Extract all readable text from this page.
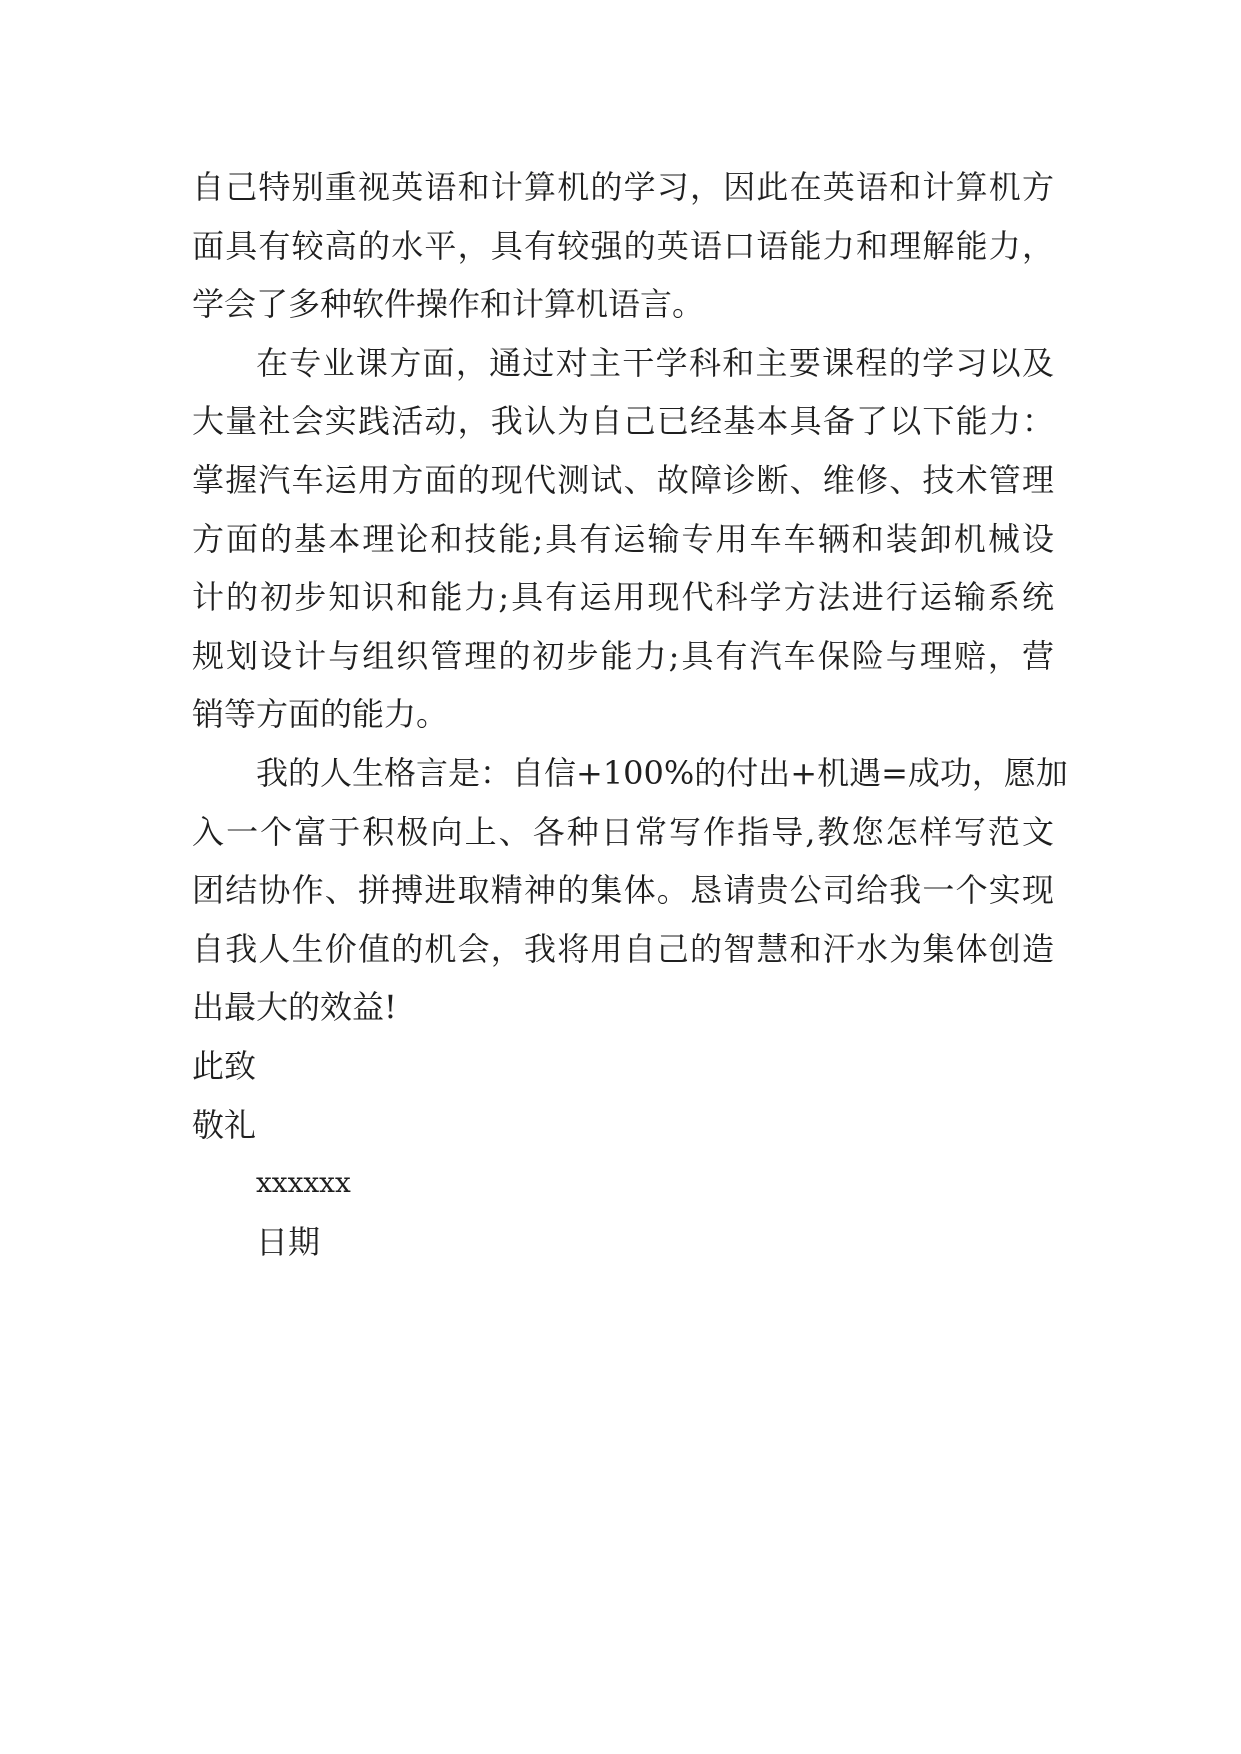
自己特别重视英语和计算机的学习，因此在英语和计算机方
面具有较高的水平，具有较强的英语口语能力和理解能力，
学会了多种软件操作和计算机语言。
在专业课方面，通过对主干学科和主要课程的学习以及
大量社会实践活动，我认为自己已经基本具备了以下能力：
掌握汽车运用方面的现代测试、故障诊断、维修、技术管理
方面的基本理论和技能;具有运输专用车车辆和装卸机械设
计的初步知识和能力;具有运用现代科学方法进行运输系统
规划设计与组织管理的初步能力;具有汽车保险与理赔，营
销等方面的能力。
我的人生格言是：自信+100%的付出+机遇=成功，愿加
入一个富于积极向上、各种日常写作指导,教您怎样写范文
团结协作、拼搏进取精神的集体。恳请贵公司给我一个实现
自我人生价值的机会，我将用自己的智慧和汗水为集体创造
出最大的效益!
此致
敬礼
xxxxxx
日期
